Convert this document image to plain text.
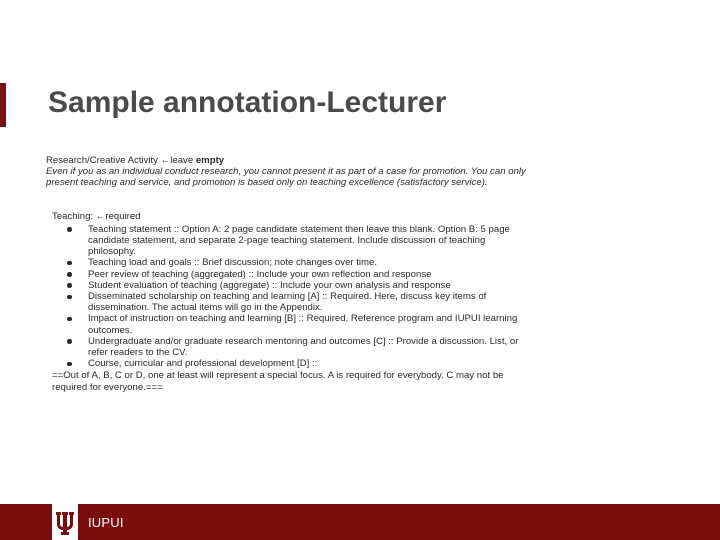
Sample annotation-Lecturer
Research/Creative Activity ←leave empty
Even if you as an individual conduct research, you cannot present it as part of a case for promotion. You can only present teaching and service, and promotion is based only on teaching excellence (satisfactory service).
Teaching: ←required
Teaching statement :: Option A: 2 page candidate statement then leave this blank. Option B: 5 page candidate statement, and separate 2-page teaching statement. Include discussion of teaching philosophy.
Teaching load and goals :: Brief discussion; note changes over time.
Peer review of teaching (aggregated) :: Include your own reflection and response
Student evaluation of teaching (aggregate) :: Include your own analysis and response
Disseminated scholarship on teaching and learning [A] :: Required. Here, discuss key items of dissemination. The actual items will go in the Appendix.
Impact of instruction on teaching and learning [B] :: Required. Reference program and IUPUI learning outcomes.
Undergraduate and/or graduate research mentoring and outcomes [C] :: Provide a discussion. List, or refer readers to the CV.
Course, curricular and professional development [D] ::
==Out of A, B, C or D, one at least will represent a special focus. A is required for everybody. C may not be required for everyone.===
IUPUI
